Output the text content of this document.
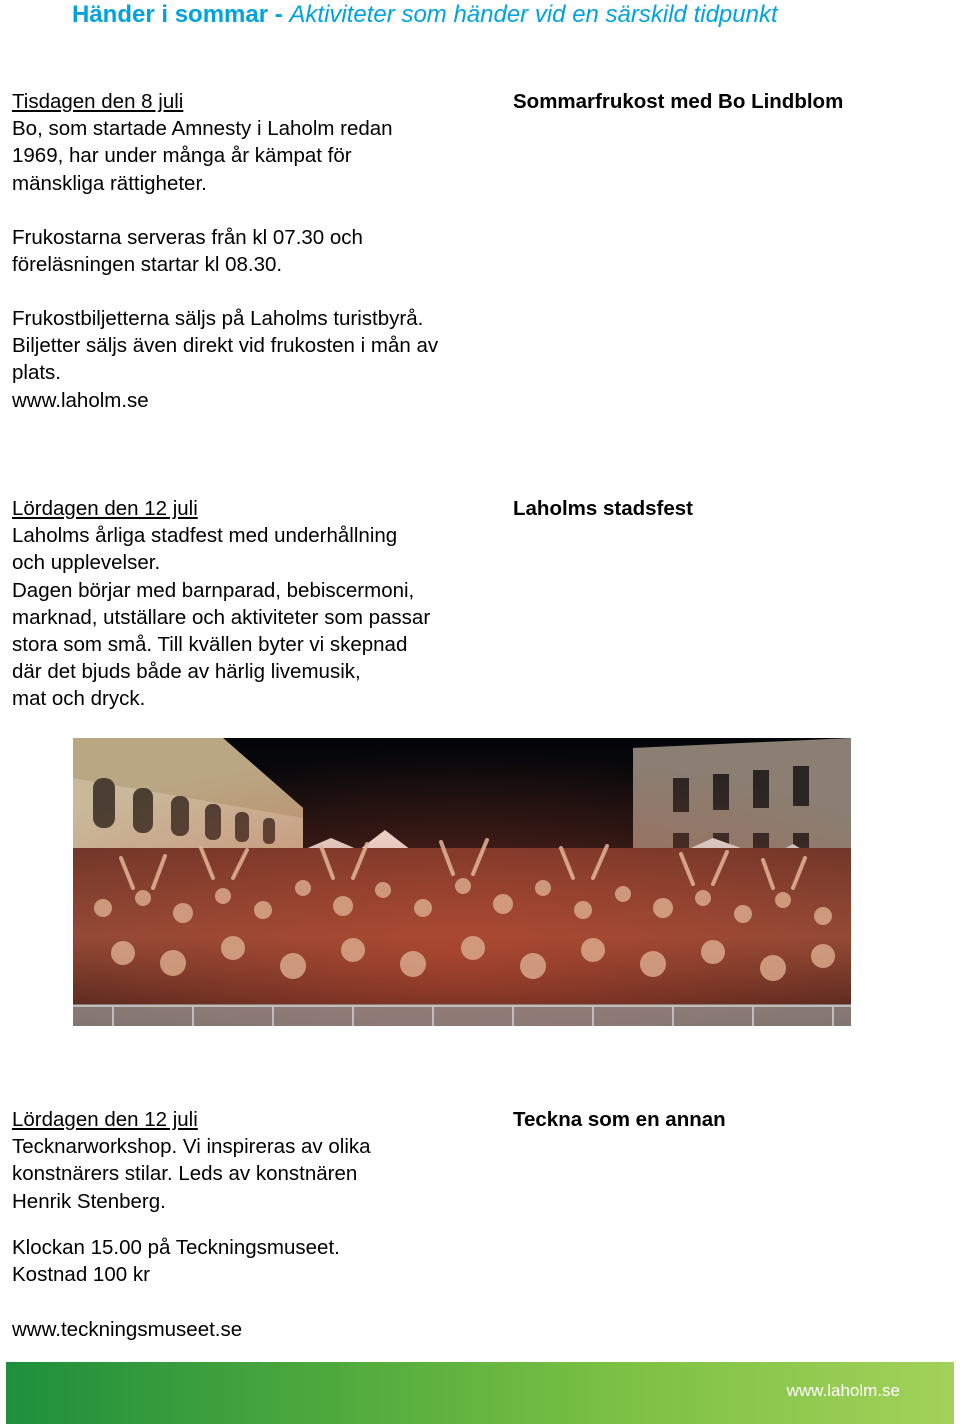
Händer i sommar - Aktiviteter som händer vid en särskild tidpunkt
Tisdagen den 8 juli
Bo, som startade Amnesty i Laholm redan
1969, har under många år kämpat för
mänskliga rättigheter.
Sommarfrukost med Bo Lindblom
Frukostarna serveras från kl 07.30 och
föreläsningen startar kl 08.30.
Frukostbiljetterna säljs på Laholms turistbyrå.
Biljetter säljs även direkt vid frukosten i mån av
plats.
www.laholm.se
Lördagen den 12 juli
Laholms årliga stadfest med underhållning
och upplevelser.
Dagen börjar med barnparad, bebiscermoni,
marknad, utställare och aktiviteter som passar
stora som små. Till kvällen byter vi skepnad
där det bjuds både av härlig livemusik,
mat och dryck.
Laholms stadsfest
Lördagen den 12 juli
Tecknarworkshop. Vi inspireras av olika
konstnärers stilar. Leds av konstnären
Henrik Stenberg.
Teckna som en annan
Klockan 15.00 på Teckningsmuseet.
Kostnad 100 kr
www.teckningsmuseet.se
www.laholm.se
